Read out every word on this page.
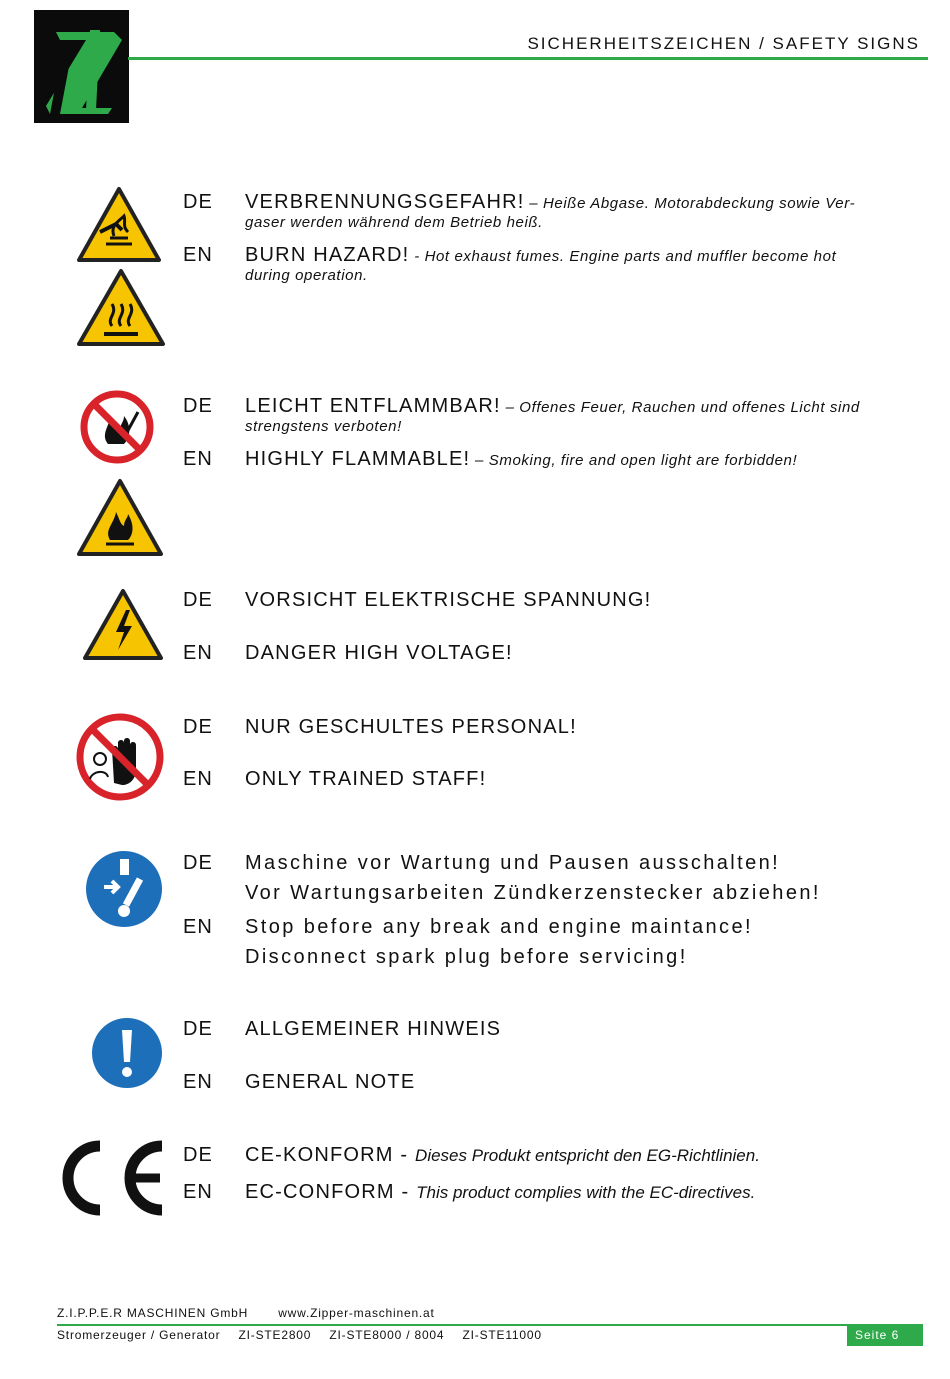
SICHERHEITSZEICHEN / SAFETY SIGNS
DE VERBRENNUNGSGEFAHR! – Heiße Abgase. Motorabdeckung sowie Ver-
gaser werden während dem Betrieb heiß.
EN BURN HAZARD! - Hot exhaust fumes. Engine parts and muffler become hot
during operation.
DE LEICHT ENTFLAMMBAR! – Offenes Feuer, Rauchen und offenes Licht sind
strengstens verboten!
EN HIGHLY FLAMMABLE! – Smoking, fire and open light are forbidden!
DE VORSICHT ELEKTRISCHE SPANNUNG!
EN DANGER HIGH VOLTAGE!
DE NUR GESCHULTES PERSONAL!
EN ONLY TRAINED STAFF!
DE Maschine vor Wartung und Pausen ausschalten!
Vor Wartungsarbeiten Zündkerzenstecker abziehen!
EN Stop before any break and engine maintance!
Disconnect spark plug before servicing!
DE ALLGEMEINER HINWEIS
EN GENERAL NOTE
DE CE-KONFORM - Dieses Produkt entspricht den EG-Richtlinien.
EN EC-CONFORM - This product complies with the EC-directives.
Z.I.P.P.E.R MASCHINEN GmbH	www.Zipper-maschinen.at
Stromerzeuger / Generator ZI-STE2800 ZI-STE8000 / 8004 ZI-STE11000	Seite 6
